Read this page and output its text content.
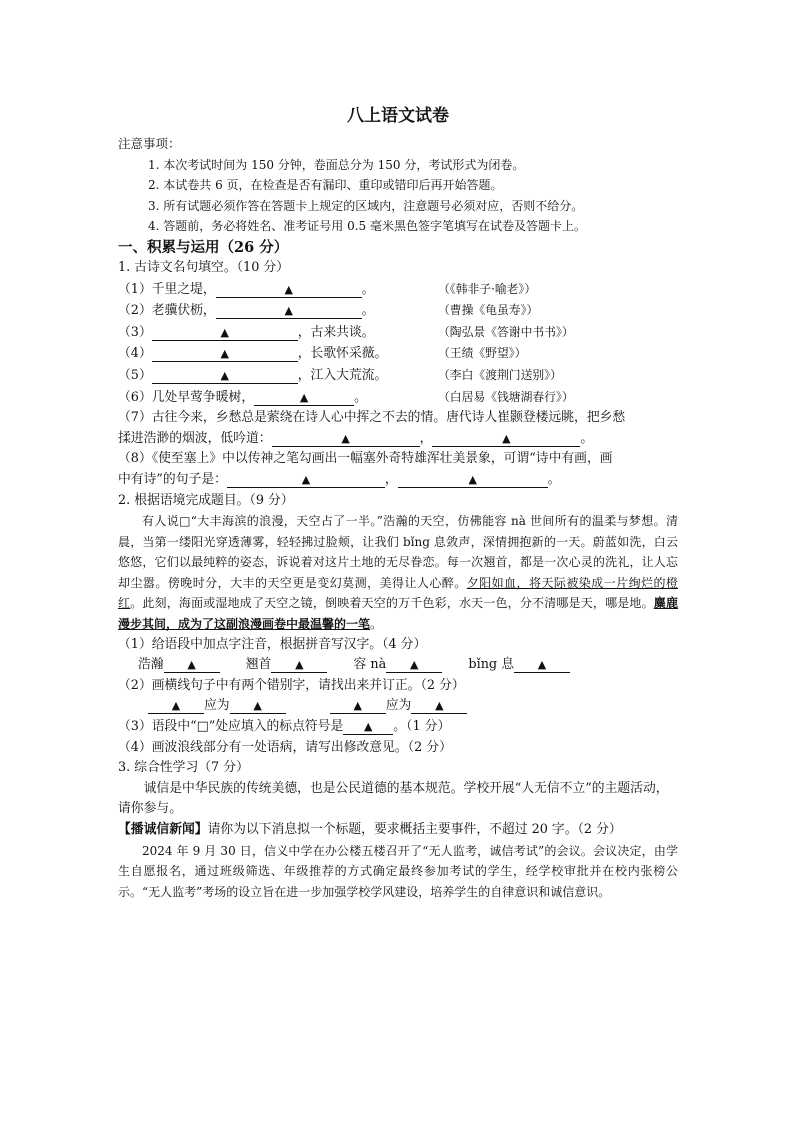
八上语文试卷
注意事项：
1. 本次考试时间为 150 分钟，卷面总分为 150 分，考试形式为闭卷。
2. 本试卷共 6 页，在检查是否有漏印、重印或错印后再开始答题。
3. 所有试题必须作答在答题卡上规定的区域内，注意题号必须对应，否则不给分。
4. 答题前，务必将姓名、准考证号用 0.5 毫米黑色签字笔填写在试卷及答题卡上。
一、积累与运用（26 分）
1. 古诗文名句填空。（10 分）
（1）千里之堤，	▲	。	（《韩非子·喻老》）
（2）老骥伏枥，	▲	。	（曹操《龟虽寿》）
（3）	▲	，古来共谈。	（陶弘景《答谢中书书》）
（4）	▲	，长歌怀采薇。	（王绩《野望》）
（5）	▲	，江入大荒流。	（李白《渡荆门送别》）
（6）几处早莺争暖树，	▲	。	（白居易《钱塘湖春行》）
（7）古往今来，乡愁总是萦绕在诗人心中挥之不去的情。唐代诗人崔颢登楼远眺，把乡愁
揉进浩渺的烟波，低吟道：	▲	，	▲	。
（8）《使至塞上》中以传神之笔勾画出一幅塞外奇特雄浑壮美景象，可谓“诗中有画，画
中有诗”的句子是：	▲	，	▲	。
2. 根据语境完成题目。（9 分）
有人说□“大丰海滨的浪漫，天空占了一半。”浩瀚的天空，仿佛能容 nà 世间所有的温柔与梦想。清晨，当第一缕阳光穿透薄雾，轻轻拂过脸颊，让我们 bǐng 息敛声，深情拥抱新的一天。蔚蓝如洗，白云悠悠，它们以最纯粹的姿态，诉说着对这片土地的无尽眷恋。每一次翘首，都是一次心灵的洗礼，让人忘却尘嚣。傍晚时分，大丰的天空更是变幻莫测，美得让人心醉。夕阳如血，将天际被染成一片绚烂的橙红。此刻，海面或湿地成了天空之镜，倒映着天空的万千色彩，水天一色，分不清哪是天，哪是地。麋鹿漫步其间，成为了这副浪漫画卷中最温馨的一笔。
（1）给语段中加点字注音，根据拼音写汉字。（4 分）
浩瀚 ▲	翘首 ▲	容 nà ▲	bǐng 息 ▲
（2）画横线句子中有两个错别字，请找出来并订正。（2 分）
▲ 应为 ▲	▲ 应为 ▲
（3）语段中“□”处应填入的标点符号是 ▲ 。（1 分）
（4）画波浪线部分有一处语病，请写出修改意见。（2 分）
3. 综合性学习（7 分）
诚信是中华民族的传统美德，也是公民道德的基本规范。学校开展“人无信不立”的主题活动，请你参与。
【播诚信新闻】请你为以下消息拟一个标题，要求概括主要事件，不超过 20 字。（2 分）
2024 年 9 月 30 日，信义中学在办公楼五楼召开了“无人监考，诚信考试”的会议。会议决定，由学生自愿报名，通过班级筛选、年级推荐的方式确定最终参加考试的学生，经学校审批并在校内张榜公示。“无人监考”考场的设立旨在进一步加强学校学风建设，培养学生的自律意识和诚信意识。
